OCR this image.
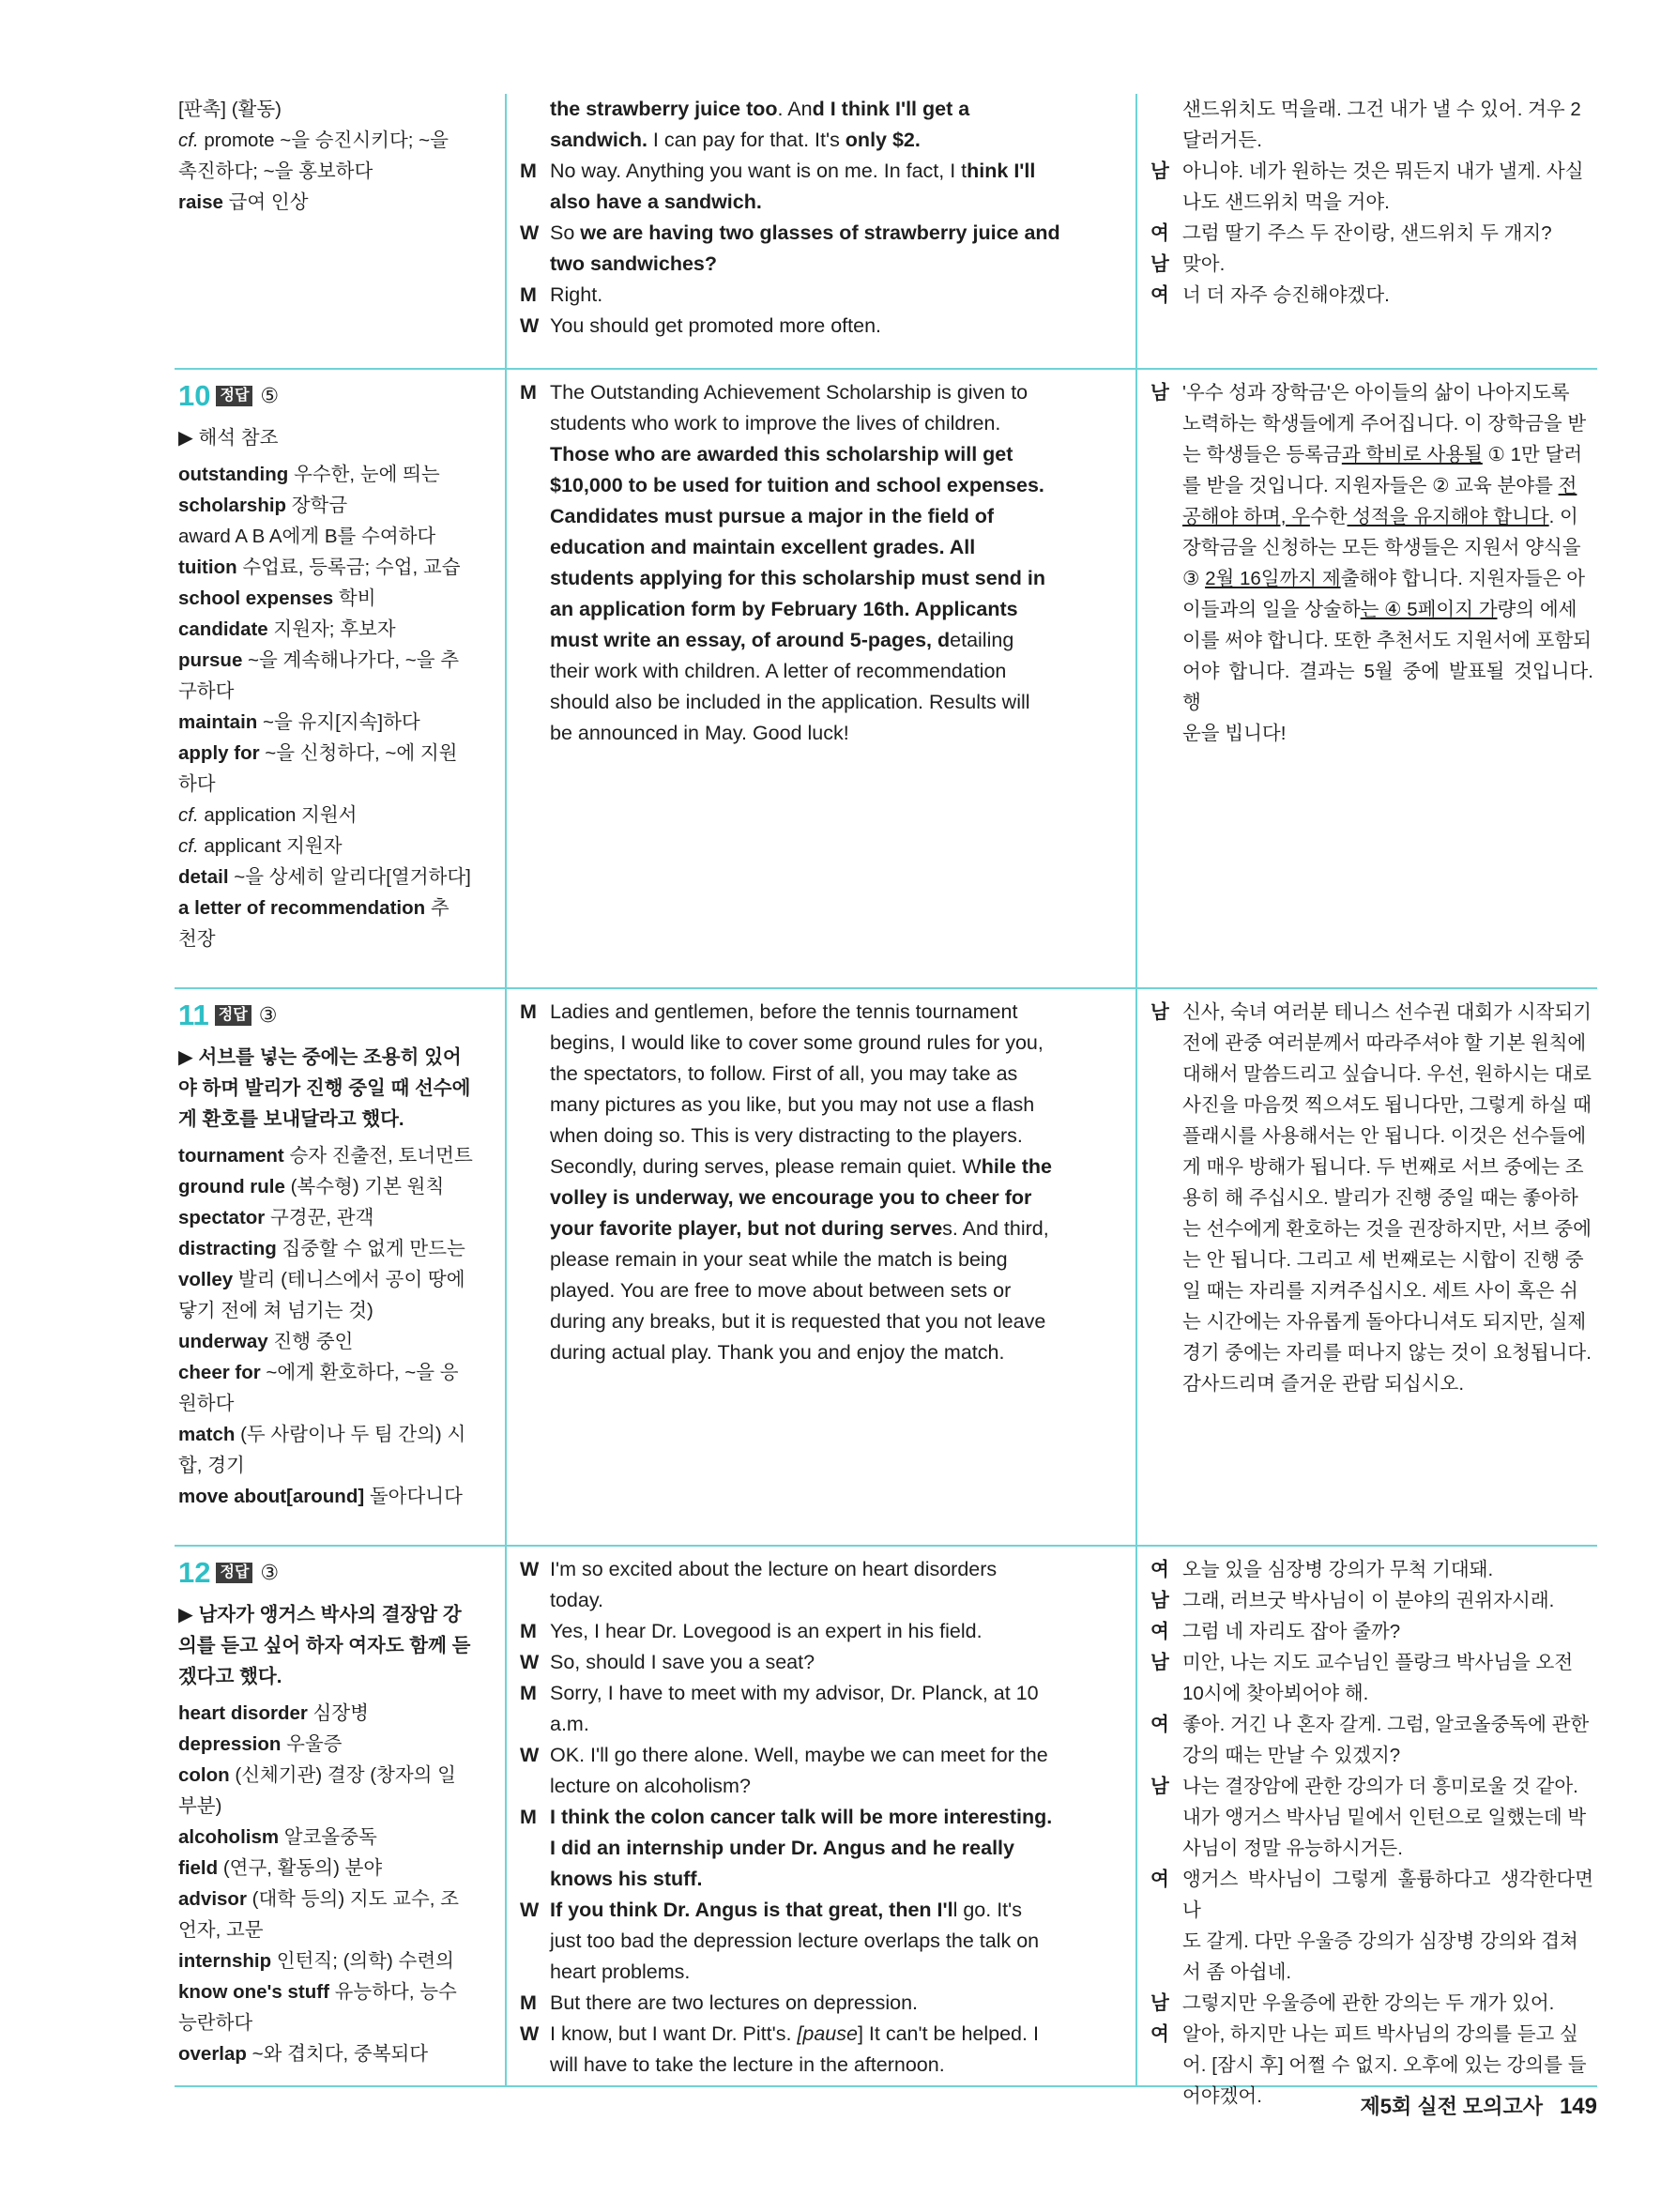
[판촉] (활동)
cf. promote ~을 승진시키다; ~을
촉진하다; ~을 홍보하다
raise 급여 인상
the strawberry juice too. And I think I'll get a
sandwich. I can pay for that. It's only $2.
M No way. Anything you want is on me. In fact, I think I'll
also have a sandwich.
W So we are having two glasses of strawberry juice and
two sandwiches?
M Right.
W You should get promoted more often.
샌드위치도 먹을래. 그건 내가 낼 수 있어. 겨우 2
달러거든.
남 아니야. 네가 원하는 것은 뭐든지 내가 낼게. 사실
나도 샌드위치 먹을 거야.
여 그럼 딸기 주스 두 잔이랑, 샌드위치 두 개지?
남 맞아.
여 너 더 자주 승진해야겠다.
10 정답 ⑤
▶ 해석 참조
outstanding 우수한, 눈에 띄는
scholarship 장학금
award A B A에게 B를 수여하다
tuition 수업료, 등록금; 수업, 교습
school expenses 학비
candidate 지원자; 후보자
pursue ~을 계속해나가다, ~을 추
구하다
maintain ~을 유지[지속]하다
apply for ~을 신청하다, ~에 지원
하다
cf. application 지원서
cf. applicant 지원자
detail ~을 상세히 알리다[열거하다]
a letter of recommendation 추
천장
M The Outstanding Achievement Scholarship is given to
students who work to improve the lives of children.
Those who are awarded this scholarship will get
$10,000 to be used for tuition and school expenses.
Candidates must pursue a major in the field of
education and maintain excellent grades. All
students applying for this scholarship must send in
an application form by February 16th. Applicants
must write an essay, of around 5-pages, detailing
their work with children. A letter of recommendation
should also be included in the application. Results will
be announced in May. Good luck!
남 '우수 성과 장학금'은 아이들의 삶이 나아지도록
노력하는 학생들에게 주어집니다. 이 장학금을 받
는 학생들은 등록금과 학비로 사용될 ① 1만 달러
를 받을 것입니다. 지원자들은 ② 교육 분야를 전
공해야 하며, 우수한 성적을 유지해야 합니다. 이
장학금을 신청하는 모든 학생들은 지원서 양식을
③ 2월 16일까지 제출해야 합니다. 지원자들은 아
이들과의 일을 상술하는 ④ 5페이지 가량의 에세
이를 써야 합니다. 또한 추천서도 지원서에 포함되
어야 합니다. 결과는 5월 중에 발표될 것입니다. 행
운을 빕니다!
11 정답 ③
▶ 서브를 넣는 중에는 조용히 있어
야 하며 발리가 진행 중일 때 선수에
게 환호를 보내달라고 했다.
tournament 승자 진출전, 토너먼트
ground rule (복수형) 기본 원칙
spectator 구경꾼, 관객
distracting 집중할 수 없게 만드는
volley 발리 (테니스에서 공이 땅에
닿기 전에 쳐 넘기는 것)
underway 진행 중인
cheer for ~에게 환호하다, ~을 응
원하다
match (두 사람이나 두 팀 간의) 시
합, 경기
move about[around] 돌아다니다
M Ladies and gentlemen, before the tennis tournament
begins, I would like to cover some ground rules for you,
the spectators, to follow. First of all, you may take as
many pictures as you like, but you may not use a flash
when doing so. This is very distracting to the players.
Secondly, during serves, please remain quiet. While the
volley is underway, we encourage you to cheer for
your favorite player, but not during serves. And third,
please remain in your seat while the match is being
played. You are free to move about between sets or
during any breaks, but it is requested that you not leave
during actual play. Thank you and enjoy the match.
남 신사, 숙녀 여러분 테니스 선수권 대회가 시작되기
전에 관중 여러분께서 따라주셔야 할 기본 원칙에
대해서 말씀드리고 싶습니다. 우선, 원하시는 대로
사진을 마음껏 찍으셔도 됩니다만, 그렇게 하실 때
플래시를 사용해서는 안 됩니다. 이것은 선수들에
게 매우 방해가 됩니다. 두 번째로 서브 중에는 조
용히 해 주십시오. 발리가 진행 중일 때는 좋아하
는 선수에게 환호하는 것을 권장하지만, 서브 중에
는 안 됩니다. 그리고 세 번째로는 시합이 진행 중
일 때는 자리를 지켜주십시오. 세트 사이 혹은 쉬
는 시간에는 자유롭게 돌아다니셔도 되지만, 실제
경기 중에는 자리를 떠나지 않는 것이 요청됩니다.
감사드리며 즐거운 관람 되십시오.
12 정답 ③
▶ 남자가 앵거스 박사의 결장암 강
의를 듣고 싶어 하자 여자도 함께 듣
겠다고 했다.
heart disorder 심장병
depression 우울증
colon (신체기관) 결장 (창자의 일
부분)
alcoholism 알코올중독
field (연구, 활동의) 분야
advisor (대학 등의) 지도 교수, 조
언자, 고문
internship 인턴직; (의학) 수련의
know one's stuff 유능하다, 능수
능란하다
overlap ~와 겹치다, 중복되다
W I'm so excited about the lecture on heart disorders
today.
M Yes, I hear Dr. Lovegood is an expert in his field.
W So, should I save you a seat?
M Sorry, I have to meet with my advisor, Dr. Planck, at 10
a.m.
W OK. I'll go there alone. Well, maybe we can meet for the
lecture on alcoholism?
M I think the colon cancer talk will be more interesting.
I did an internship under Dr. Angus and he really
knows his stuff.
W If you think Dr. Angus is that great, then I'll go. It's
just too bad the depression lecture overlaps the talk on
heart problems.
M But there are two lectures on depression.
W I know, but I want Dr. Pitt's. [pause] It can't be helped. I
will have to take the lecture in the afternoon.
여 오늘 있을 심장병 강의가 무척 기대돼.
남 그래, 러브굿 박사님이 이 분야의 권위자시래.
여 그럼 네 자리도 잡아 줄까?
남 미안, 나는 지도 교수님인 플랑크 박사님을 오전
10시에 찾아뵈어야 해.
여 좋아. 거긴 나 혼자 갈게. 그럼, 알코올중독에 관한
강의 때는 만날 수 있겠지?
남 나는 결장암에 관한 강의가 더 흥미로울 것 같아.
내가 앵거스 박사님 밑에서 인턴으로 일했는데 박
사님이 정말 유능하시거든.
여 앵거스 박사님이 그렇게 훌륭하다고 생각한다면 나
도 갈게. 다만 우울증 강의가 심장병 강의와 겹쳐
서 좀 아쉽네.
남 그렇지만 우울증에 관한 강의는 두 개가 있어.
여 알아, 하지만 나는 피트 박사님의 강의를 듣고 싶
어. [잠시 후] 어쩔 수 없지. 오후에 있는 강의를 들
어야겠어.	제5회 실전 모의고사 149
